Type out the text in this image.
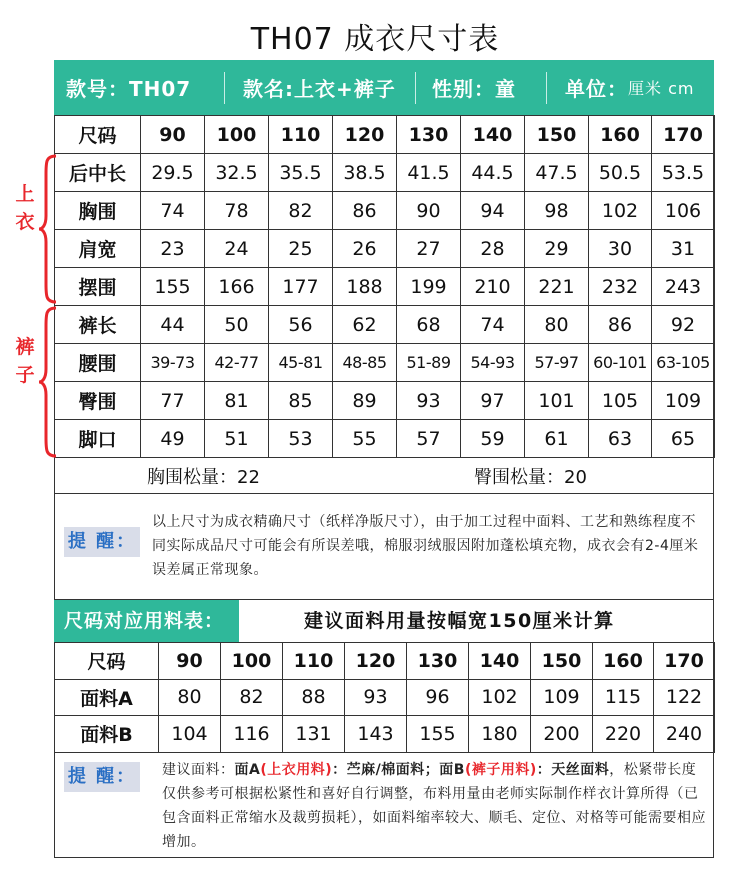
TH07 成衣尺寸表
款号：TH07	款名:上衣+裤子 性别：童 单位： 厘米 cm
尺码	90	100	110	120	130	140	150	160	170
后中长	29.5	32.5	35.5	38.5	41.5	44.5	47.5	50.5	53.5
胸围	74	78	82	86	90	94	98	102	106
肩宽	23	24	25	26	27	28	29	30	31
摆围	155	166	177	188	199	210	221	232	243
裤长	44	50	56	62	68	74	80	86	92
腰围	39-73	42-77	45-81	48-85	51-89	54-93	57-97	60-101	63-105
臀围	77	81	85	89	93	97	101	105	109
脚口	49	51	53	55	57	59	61	63	65
上衣
裤子
胸围松量：22	臀围松量：20
提 醒：
以上尺寸为成衣精确尺寸（纸样净版尺寸），由于加工过程中面料、工艺和熟练程度不同实际成品尺寸可能会有所误差哦，棉服羽绒服因附加蓬松填充物，成衣会有2-4厘米误差属正常现象。
尺码对应用料表：	建议面料用量按幅宽150厘米计算
尺码	90	100	110	120	130	140	150	160	170
面料A	80	82	88	93	96	102	109	115	122
面料B	104	116	131	143	155	180	200	220	240
提 醒： 建议面料：面A(上衣用料)：苎麻/棉面料；面B(裤子用料)：天丝面料，松紧带长度仅供参考可根据松紧性和喜好自行调整，布料用量由老师实际制作样衣计算所得（已包含面料正常缩水及裁剪损耗），如面料缩率较大、顺毛、定位、对格等可能需要相应增加。
